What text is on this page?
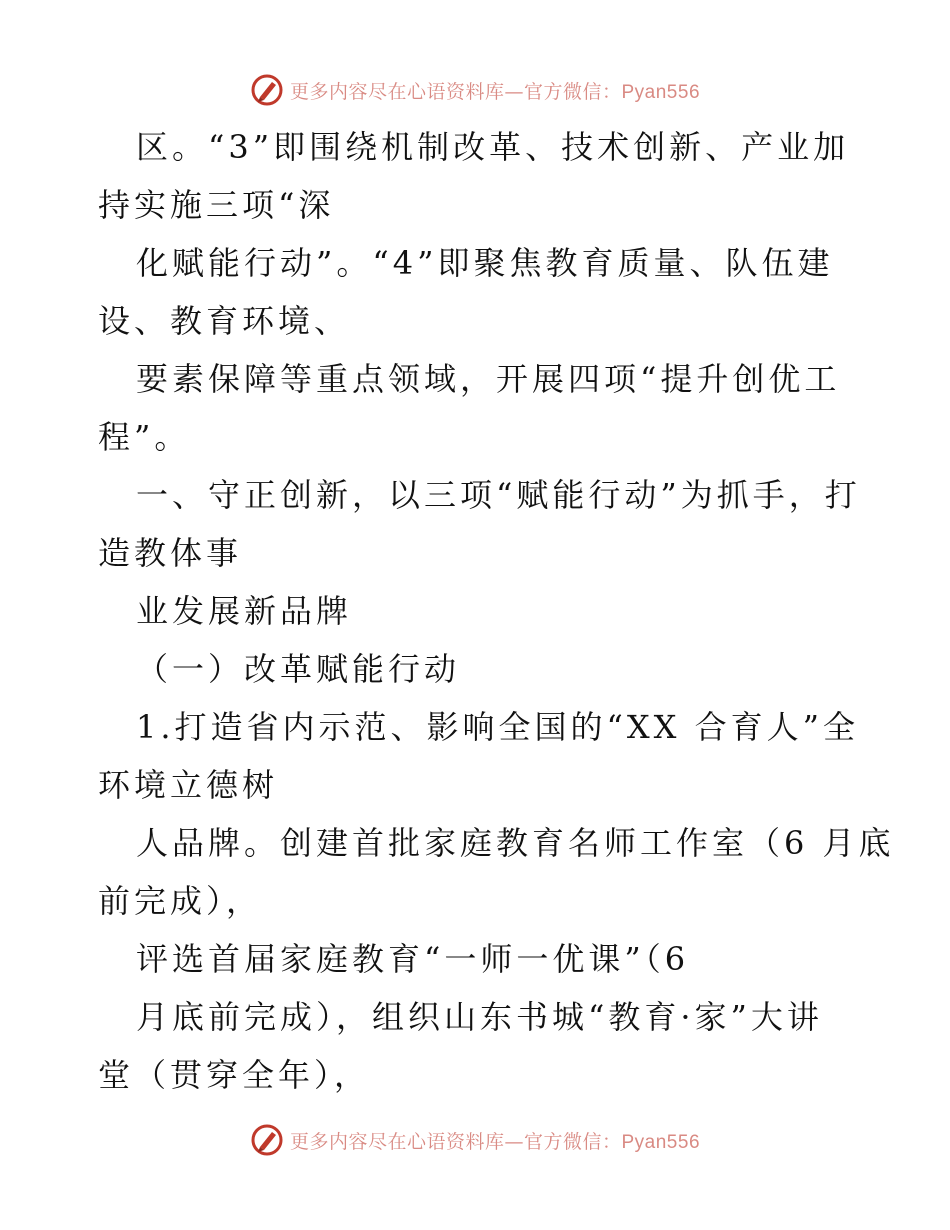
更多内容尽在心语资料库—官方微信：Pyan556
区。“3”即围绕机制改革、技术创新、产业加
持实施三项“深
化赋能行动”。“4”即聚焦教育质量、队伍建
设、教育环境、
要素保障等重点领域，开展四项“提升创优工
程”。
一、守正创新，以三项“赋能行动”为抓手，打
造教体事
业发展新品牌
（一）改革赋能行动
1.打造省内示范、影响全国的“XX 合育人”全
环境立德树
人品牌。创建首批家庭教育名师工作室（6 月底
前完成），
评选首届家庭教育“一师一优课”（6
月底前完成），组织山东书城“教育·家”大讲
堂（贯穿全年），
更多内容尽在心语资料库—官方微信：Pyan556
